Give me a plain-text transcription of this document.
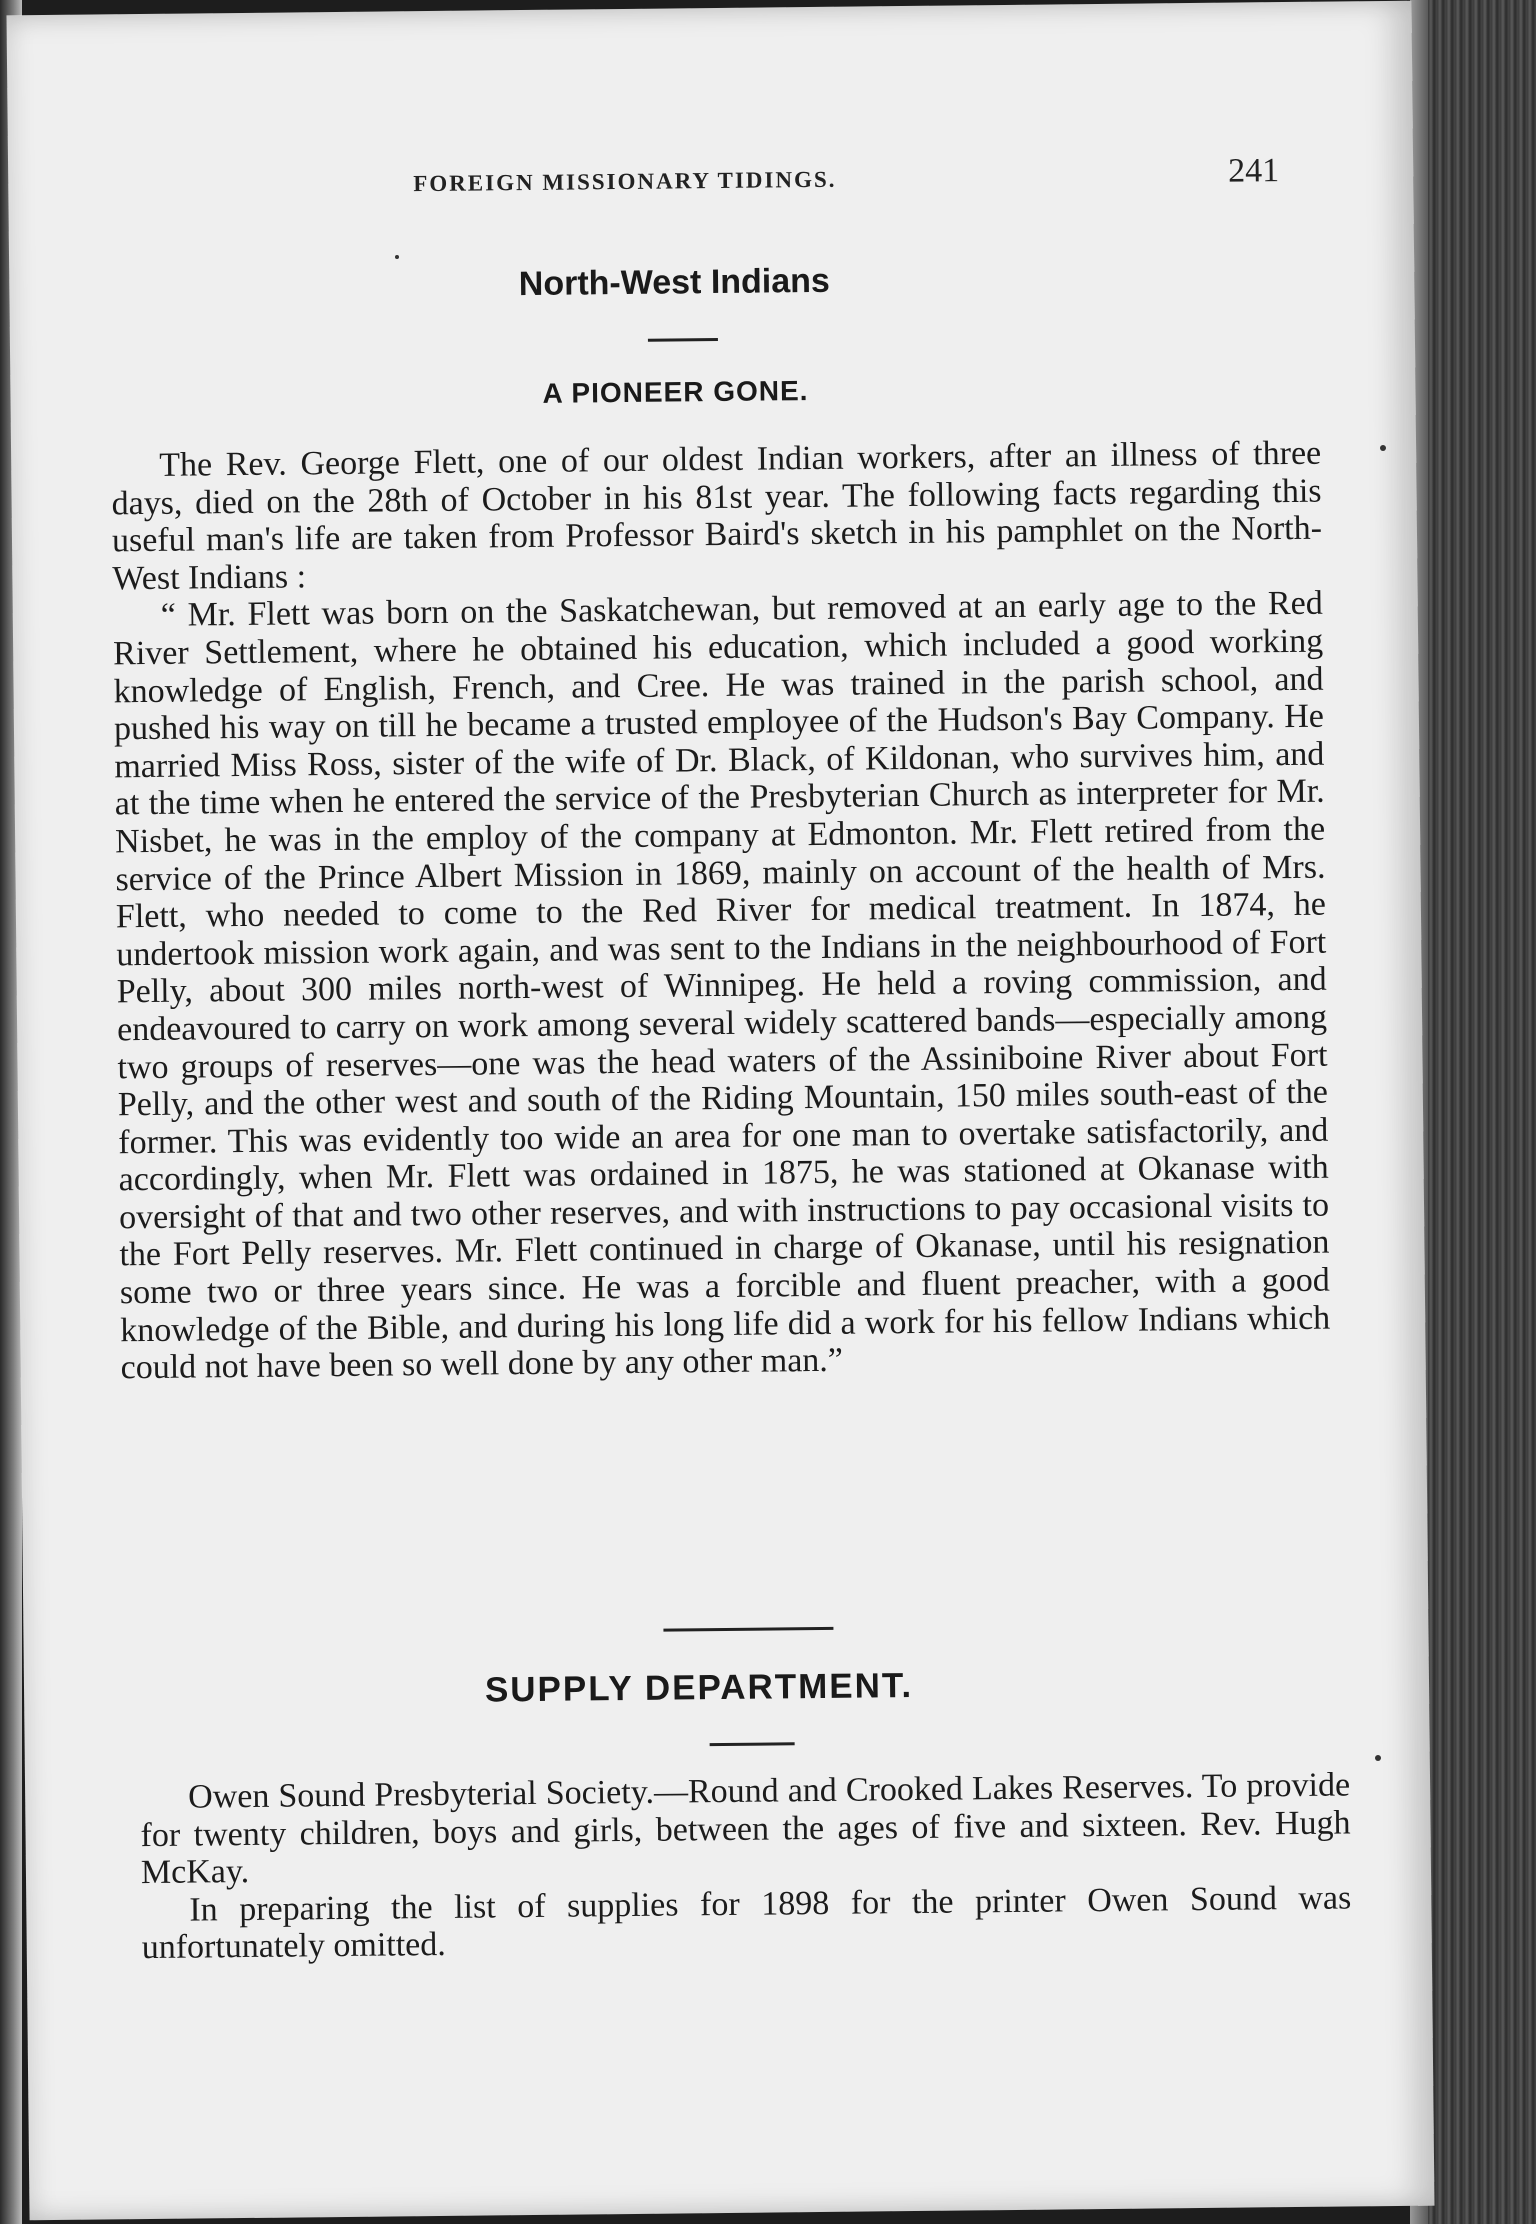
FOREIGN MISSIONARY TIDINGS.	241
North-West Indians
A PIONEER GONE.

The Rev. George Flett, one of our oldest Indian workers, after an illness of three days, died on the 28th of October in his 81st year. The following facts regarding this useful man's life are taken from Professor Baird's sketch in his pamphlet on the North-West Indians :

“ Mr. Flett was born on the Saskatchewan, but removed at an early age to the Red River Settlement, where he obtained his education, which included a good working knowledge of English, French, and Cree. He was trained in the parish school, and pushed his way on till he became a trusted employee of the Hudson's Bay Company. He married Miss Ross, sister of the wife of Dr. Black, of Kildonan, who survives him, and at the time when he entered the service of the Presbyterian Church as interpreter for Mr. Nisbet, he was in the employ of the company at Edmonton. Mr. Flett retired from the service of the Prince Albert Mission in 1869, mainly on account of the health of Mrs. Flett, who needed to come to the Red River for medical treatment. In 1874, he undertook mission work again, and was sent to the Indians in the neighbourhood of Fort Pelly, about 300 miles north-west of Winnipeg. He held a roving commission, and endeavoured to carry on work among several widely scattered bands—especially among two groups of reserves—one was the head waters of the Assiniboine River about Fort Pelly, and the other west and south of the Riding Mountain, 150 miles south-east of the former. This was evidently too wide an area for one man to overtake satisfactorily, and accordingly, when Mr. Flett was ordained in 1875, he was stationed at Okanase with oversight of that and two other reserves, and with instructions to pay occasional visits to the Fort Pelly reserves. Mr. Flett continued in charge of Okanase, until his resignation some two or three years since. He was a forcible and fluent preacher, with a good knowledge of the Bible, and during his long life did a work for his fellow Indians which could not have been so well done by any other man.”

SUPPLY DEPARTMENT.

Owen Sound Presbyterial Society.—Round and Crooked Lakes Reserves. To provide for twenty children, boys and girls, between the ages of five and sixteen. Rev. Hugh McKay.

In preparing the list of supplies for 1898 for the printer Owen Sound was unfortunately omitted.
